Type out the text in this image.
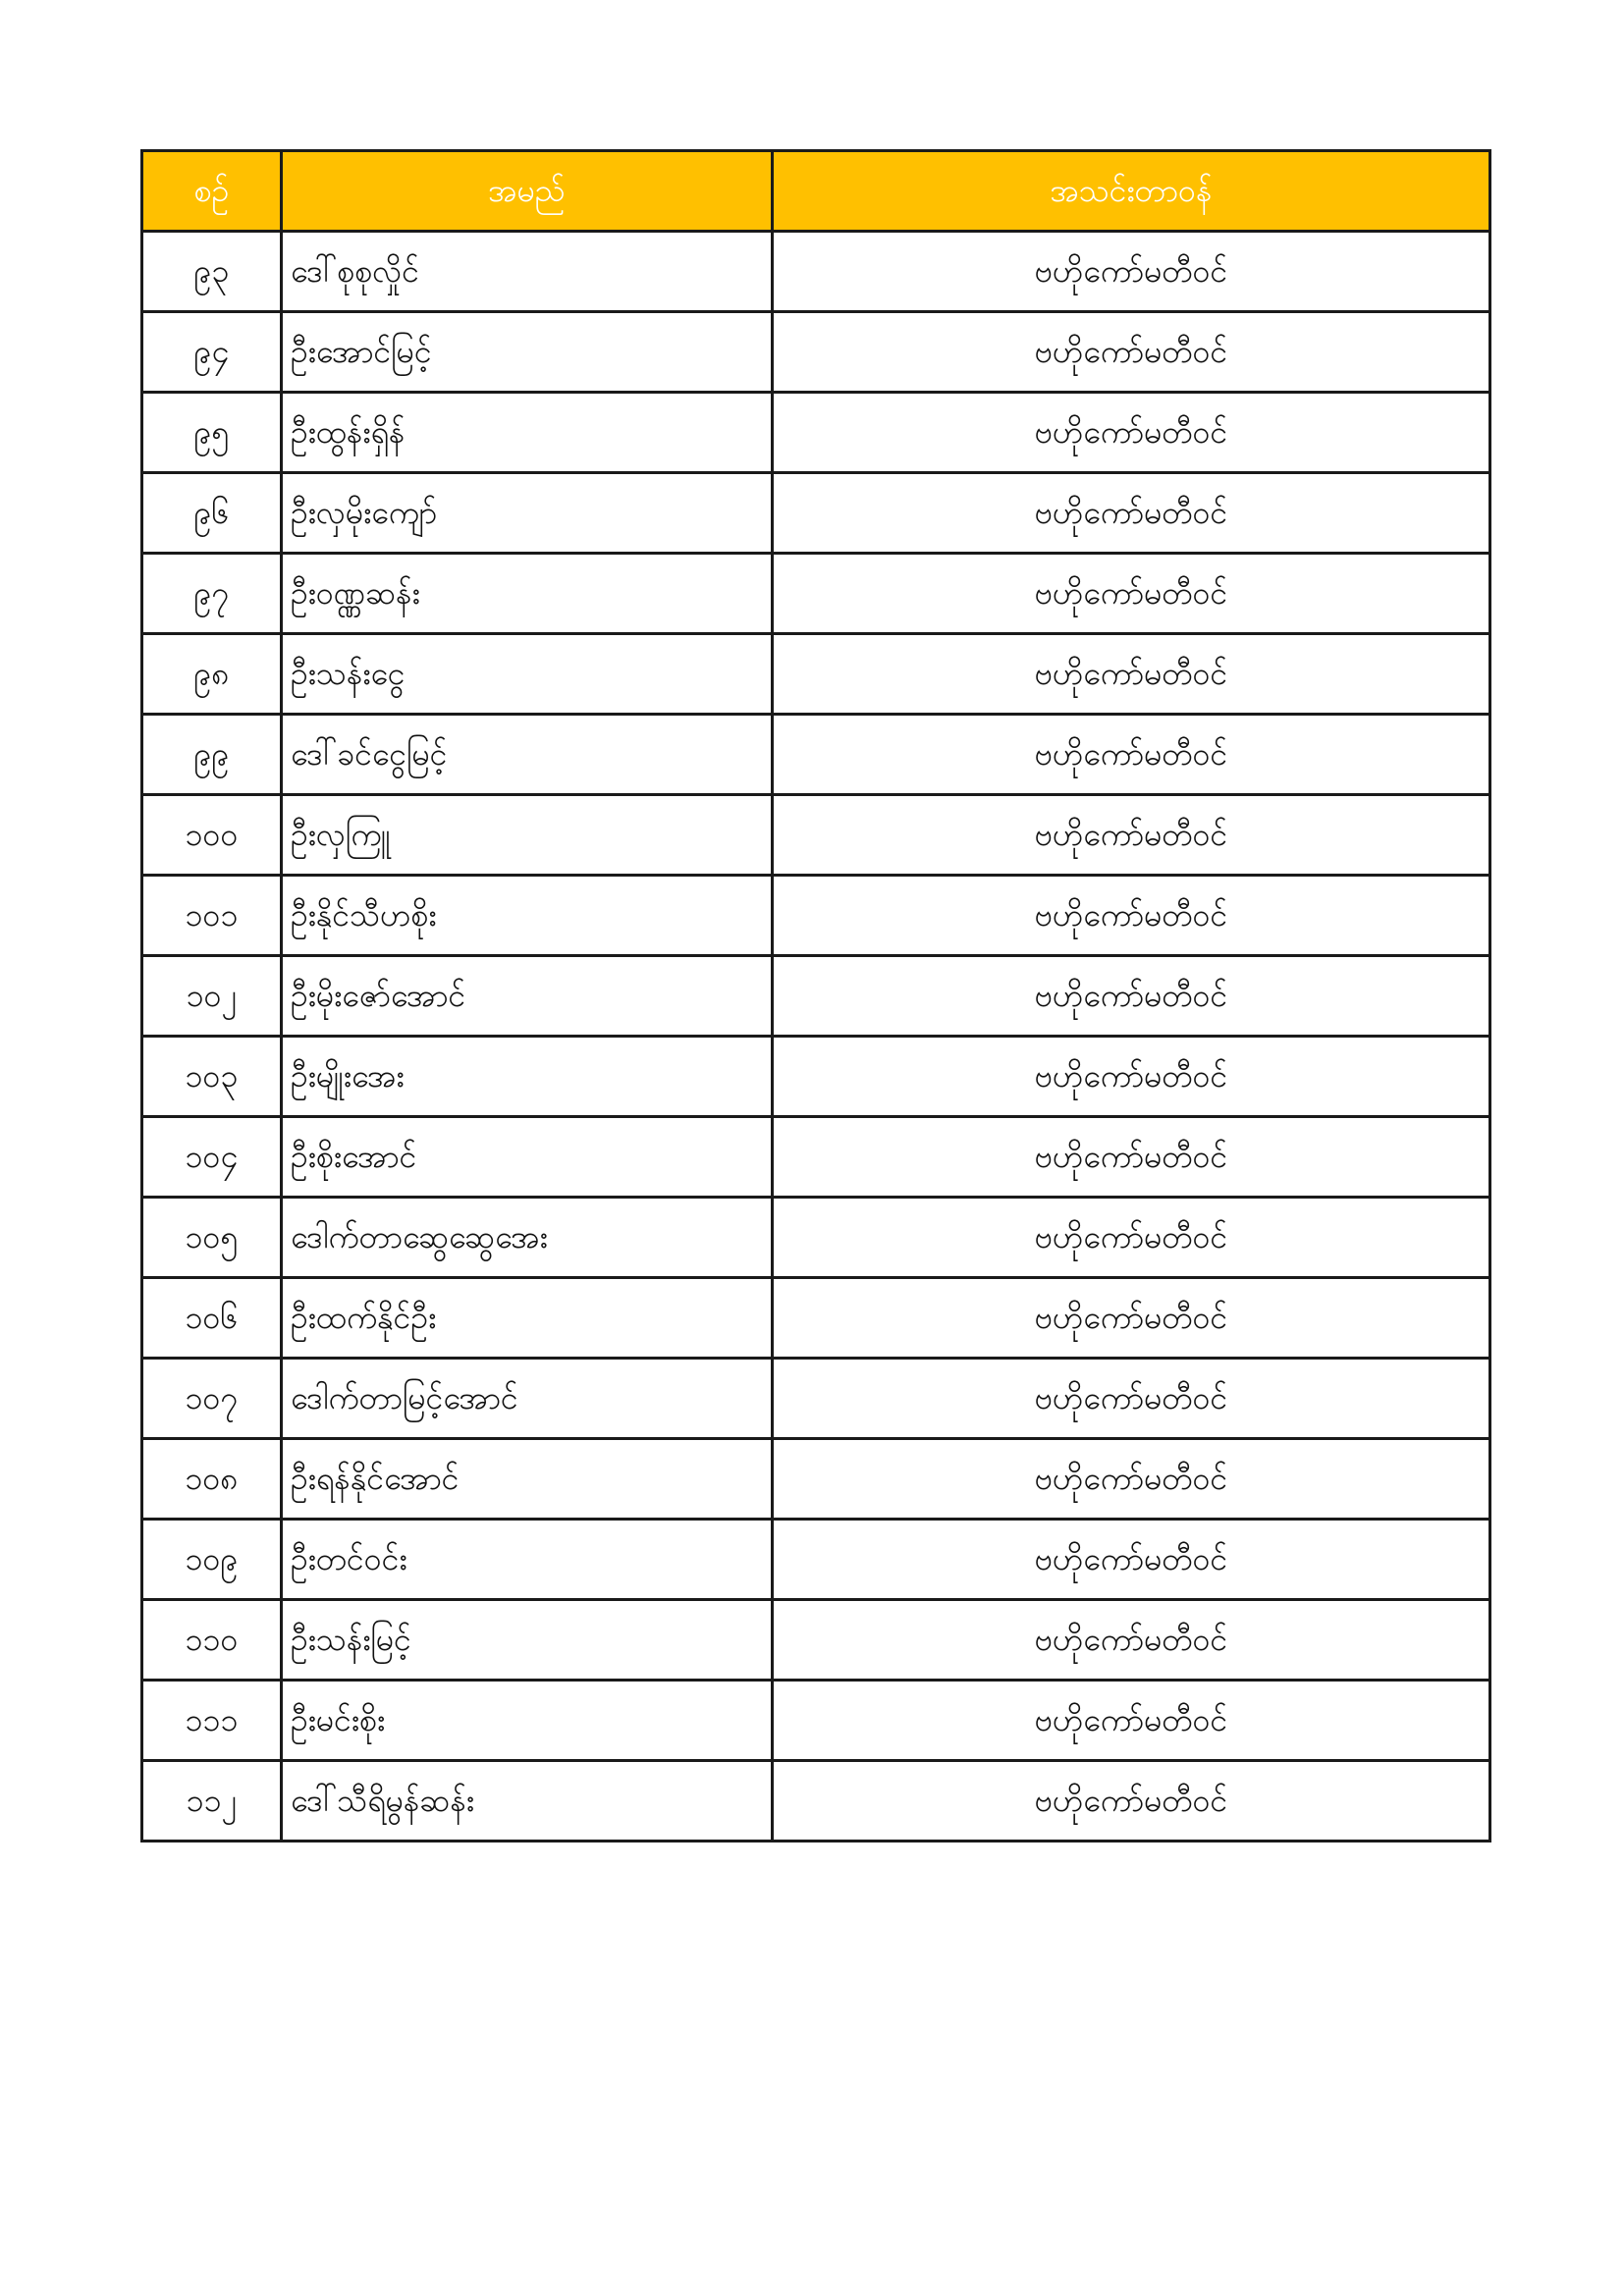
စဉ်	အမည်	အသင်းတာဝန်
၉၃	ဒေါ်စုစုလှိုင်	ဗဟိုကော်မတီဝင်
၉၄	ဦးအောင်မြင့်	ဗဟိုကော်မတီဝင်
၉၅	ဦးထွန်းရှိန်	ဗဟိုကော်မတီဝင်
၉၆	ဦးလှမိုးကျော်	ဗဟိုကော်မတီဝင်
၉၇	ဦးဝဏ္ဏဆန်း	ဗဟိုကော်မတီဝင်
၉၈	ဦးသန်းငွေ	ဗဟိုကော်မတီဝင်
၉၉	ဒေါ်ခင်ငွေမြင့်	ဗဟိုကော်မတီဝင်
၁၀၀	ဦးလှကြူ	ဗဟိုကော်မတီဝင်
၁၀၁	ဦးနိုင်သီဟစိုး	ဗဟိုကော်မတီဝင်
၁၀၂	ဦးမိုးဇော်အောင်	ဗဟိုကော်မတီဝင်
၁၀၃	ဦးမျိုးအေး	ဗဟိုကော်မတီဝင်
၁၀၄	ဦးစိုးအောင်	ဗဟိုကော်မတီဝင်
၁၀၅	ဒေါက်တာဆွေဆွေအေး	ဗဟိုကော်မတီဝင်
၁၀၆	ဦးထက်နိုင်ဦး	ဗဟိုကော်မတီဝင်
၁၀၇	ဒေါက်တာမြင့်အောင်	ဗဟိုကော်မတီဝင်
၁၀၈	ဦးရန်နိုင်အောင်	ဗဟိုကော်မတီဝင်
၁၀၉	ဦးတင်ဝင်း	ဗဟိုကော်မတီဝင်
၁၁၀	ဦးသန်းမြင့်	ဗဟိုကော်မတီဝင်
၁၁၁	ဦးမင်းစိုး	ဗဟိုကော်မတီဝင်
၁၁၂	ဒေါ်သီရိမွန်ဆန်း	ဗဟိုကော်မတီဝင်
